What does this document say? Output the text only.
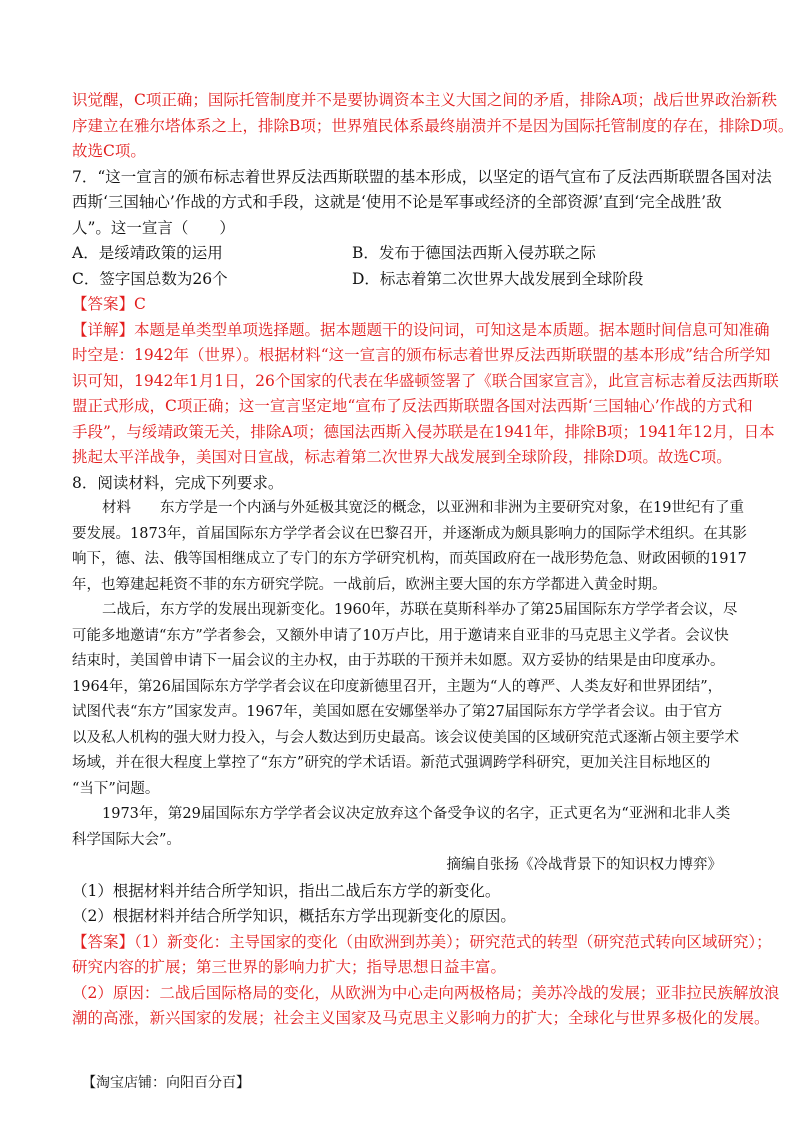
识觉醒，C项正确；国际托管制度并不是要协调资本主义大国之间的矛盾，排除A项；战后世界政治新秩
序建立在雅尔塔体系之上，排除B项；世界殖民体系最终崩溃并不是因为国际托管制度的存在，排除D项。
故选C项。
7．“这一宣言的颁布标志着世界反法西斯联盟的基本形成，以坚定的语气宣布了反法西斯联盟各国对法
西斯‘三国轴心’作战的方式和手段，这就是‘使用不论是军事或经济的全部资源’直到‘完全战胜’敌
人”。这一宣言（　　）
A．是绥靖政策的运用	B．发布于德国法西斯入侵苏联之际
C．签字国总数为26个	D．标志着第二次世界大战发展到全球阶段
【答案】C
【详解】本题是单类型单项选择题。据本题题干的设问词，可知这是本质题。据本题时间信息可知准确
时空是：1942年（世界）。根据材料“这一宣言的颁布标志着世界反法西斯联盟的基本形成”结合所学知
识可知，1942年1月1日，26个国家的代表在华盛顿签署了《联合国家宣言》，此宣言标志着反法西斯联
盟正式形成，C项正确；这一宣言坚定地“宣布了反法西斯联盟各国对法西斯‘三国轴心’作战的方式和
手段”，与绥靖政策无关，排除A项；德国法西斯入侵苏联是在1941年，排除B项；1941年12月，日本
挑起太平洋战争，美国对日宣战，标志着第二次世界大战发展到全球阶段，排除D项。故选C项。
8．阅读材料，完成下列要求。
材料 东方学是一个内涵与外延极其宽泛的概念，以亚洲和非洲为主要研究对象，在19世纪有了重
要发展。1873年，首届国际东方学学者会议在巴黎召开，并逐渐成为颇具影响力的国际学术组织。在其影
响下，德、法、俄等国相继成立了专门的东方学研究机构，而英国政府在一战形势危急、财政困顿的1917
年，也筹建起耗资不菲的东方研究学院。一战前后，欧洲主要大国的东方学都进入黄金时期。
二战后，东方学的发展出现新变化。1960年，苏联在莫斯科举办了第25届国际东方学学者会议，尽
可能多地邀请“东方”学者参会，又额外申请了10万卢比，用于邀请来自亚非的马克思主义学者。会议快
结束时，美国曾申请下一届会议的主办权，由于苏联的干预并未如愿。双方妥协的结果是由印度承办。
1964年，第26届国际东方学学者会议在印度新德里召开，主题为“人的尊严、人类友好和世界团结”，
试图代表“东方”国家发声。1967年，美国如愿在安娜堡举办了第27届国际东方学学者会议。由于官方
以及私人机构的强大财力投入，与会人数达到历史最高。该会议使美国的区域研究范式逐渐占领主要学术
场域，并在很大程度上掌控了“东方”研究的学术话语。新范式强调跨学科研究，更加关注目标地区的
“当下”问题。
1973年，第29届国际东方学学者会议决定放弃这个备受争议的名字，正式更名为“亚洲和北非人类
科学国际大会”。
摘编自张扬《冷战背景下的知识权力博弈》
（1）根据材料并结合所学知识，指出二战后东方学的新变化。
（2）根据材料并结合所学知识，概括东方学出现新变化的原因。
【答案】（1）新变化：主导国家的变化（由欧洲到苏美）；研究范式的转型（研究范式转向区域研究）；
研究内容的扩展；第三世界的影响力扩大；指导思想日益丰富。
（2）原因：二战后国际格局的变化，从欧洲为中心走向两极格局；美苏冷战的发展；亚非拉民族解放浪
潮的高涨，新兴国家的发展；社会主义国家及马克思主义影响力的扩大；全球化与世界多极化的发展。
【淘宝店铺：向阳百分百】
